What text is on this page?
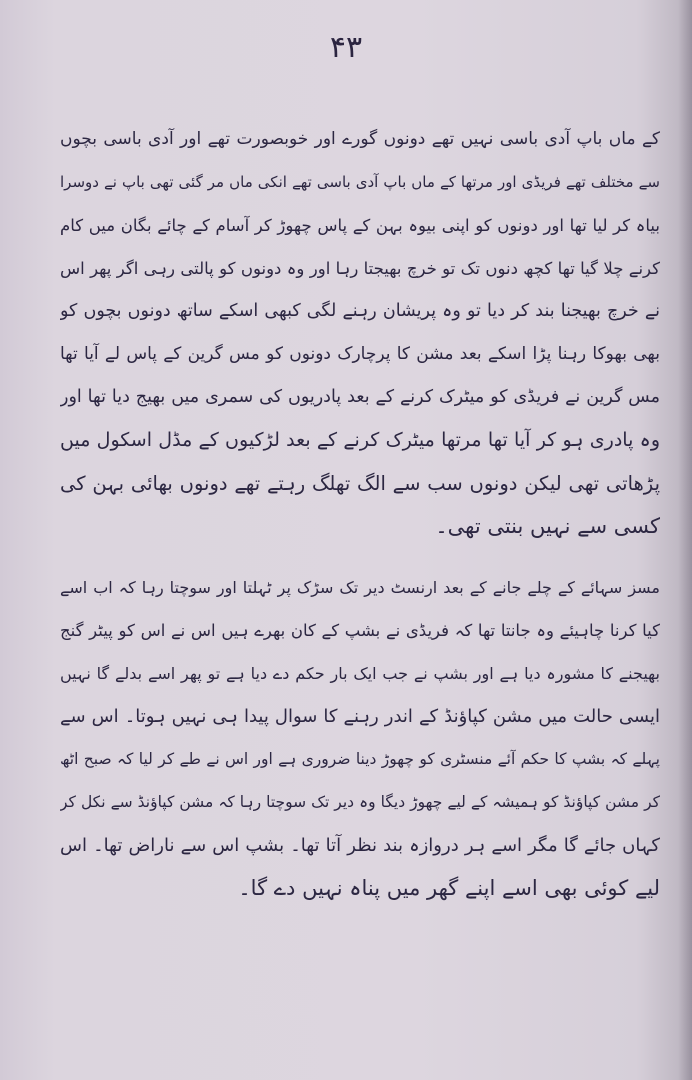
۴۳
کے ماں باپ آدی باسی نہیں تھے دونوں گورے اور خوبصورت تھے اور آدی باسی بچوں
سے مختلف تھے فریڈی اور مرتھا کے ماں باپ آدی باسی تھے انکی ماں مر گئی تھی باپ نے دوسرا
بیاہ کر لیا تھا اور دونوں کو اپنی بیوہ بہن کے پاس چھوڑ کر آسام کے چائے بگان میں کام
کرنے چلا گیا تھا کچھ دنوں تک تو خرچ بھیجتا رہا اور وہ دونوں کو پالتی رہی اگر پھر اس
نے خرچ بھیجنا بند کر دیا تو وہ پریشان رہنے لگی کبھی اسکے ساتھ دونوں بچوں کو
بھی بھوکا رہنا پڑا اسکے بعد مشن کا پرچارک دونوں کو مس گرین کے پاس لے آیا تھا
مس گرین نے فریڈی کو میٹرک کرنے کے بعد پادریوں کی سمری میں بھیج دیا تھا اور
وہ پادری ہو کر آیا تھا مرتھا میٹرک کرنے کے بعد لڑکیوں کے مڈل اسکول میں
پڑھاتی تھی لیکن دونوں سب سے الگ تھلگ رہتے تھے دونوں بھائی بہن کی
کسی سے نہیں بنتی تھی۔
مسز سہائے کے چلے جانے کے بعد ارنسٹ دیر تک سڑک پر ٹہلتا اور سوچتا رہا کہ اب اسے
کیا کرنا چاہیئے وہ جانتا تھا کہ فریڈی نے بشپ کے کان بھرے ہیں اس نے اس کو پیٹر گنج
بھیجنے کا مشورہ دیا ہے اور بشپ نے جب ایک بار حکم دے دیا ہے تو پھر اسے بدلے گا نہیں
ایسی حالت میں مشن کپاؤنڈ کے اندر رہنے کا سوال پیدا ہی نہیں ہوتا۔ اس سے
پہلے کہ بشپ کا حکم آئے منسٹری کو چھوڑ دینا ضروری ہے اور اس نے طے کر لیا کہ صبح اٹھ
کر مشن کپاؤنڈ کو ہمیشہ کے لیے چھوڑ دیگا وہ دیر تک سوچتا رہا کہ مشن کپاؤنڈ سے نکل کر
کہاں جائے گا مگر اسے ہر دروازہ بند نظر آتا تھا۔ بشپ اس سے ناراض تھا۔ اس
لیے کوئی بھی اسے اپنے گھر میں پناہ نہیں دے گا۔
